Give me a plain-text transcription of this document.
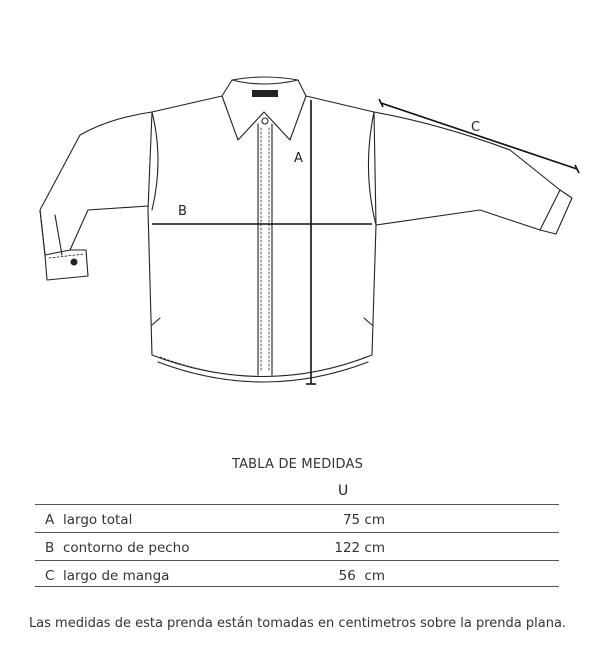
A
B
C
TABLA DE MEDIDAS
U
A largo total	75 cm
B contorno de pecho	122 cm
C largo de manga	56  cm
Las medidas de esta prenda están tomadas en centimetros sobre la prenda plana.
